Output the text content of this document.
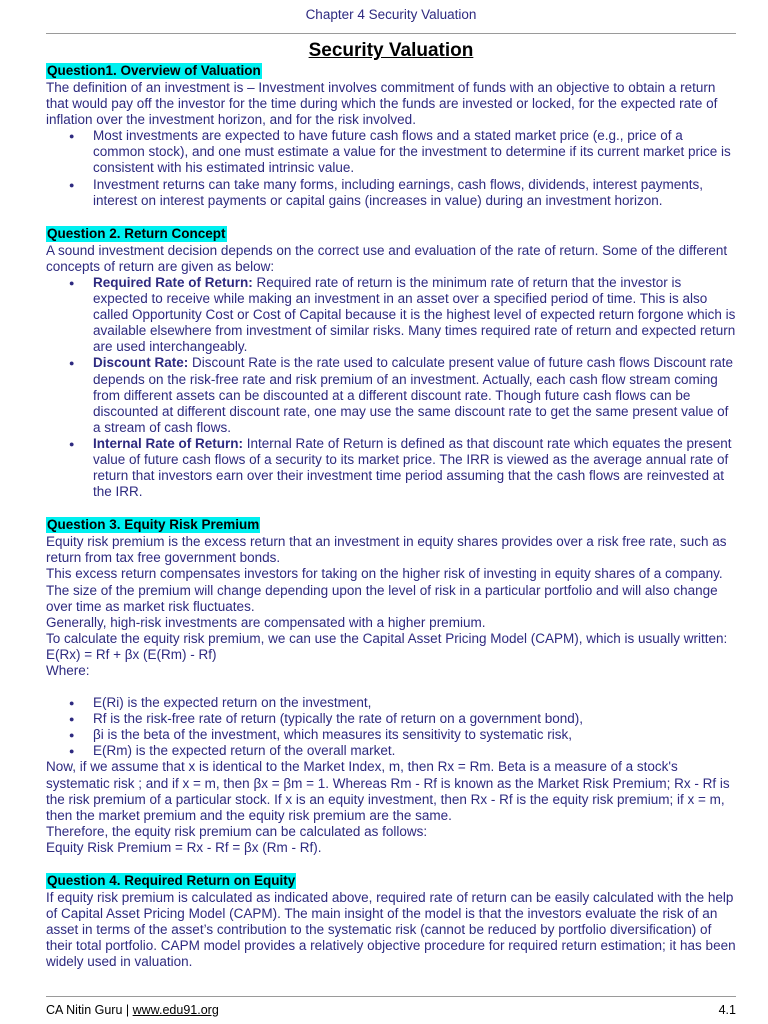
Chapter 4 Security Valuation
Security Valuation
Question1. Overview of Valuation

The definition of an investment is – Investment involves commitment of funds with an objective to obtain a return that would pay off the investor for the time during which the funds are invested or locked, for the expected rate of inflation over the investment horizon, and for the risk involved.

● Most investments are expected to have future cash flows and a stated market price (e.g., price of a common stock), and one must estimate a value for the investment to determine if its current market price is consistent with his estimated intrinsic value.
● Investment returns can take many forms, including earnings, cash flows, dividends, interest payments, interest on interest payments or capital gains (increases in value) during an investment horizon.
Question 2. Return Concept

A sound investment decision depends on the correct use and evaluation of the rate of return. Some of the different concepts of return are given as below:

● Required Rate of Return: Required rate of return is the minimum rate of return that the investor is expected to receive while making an investment in an asset over a specified period of time. This is also called Opportunity Cost or Cost of Capital because it is the highest level of expected return forgone which is available elsewhere from investment of similar risks. Many times required rate of return and expected return are used interchangeably.
● Discount Rate: Discount Rate is the rate used to calculate present value of future cash flows Discount rate depends on the risk-free rate and risk premium of an investment. Actually, each cash flow stream coming from different assets can be discounted at a different discount rate. Though future cash flows can be discounted at different discount rate, one may use the same discount rate to get the same present value of a stream of cash flows.
● Internal Rate of Return: Internal Rate of Return is defined as that discount rate which equates the present value of future cash flows of a security to its market price. The IRR is viewed as the average annual rate of return that investors earn over their investment time period assuming that the cash flows are reinvested at the IRR.
Question 3. Equity Risk Premium

Equity risk premium is the excess return that an investment in equity shares provides over a risk free rate, such as return from tax free government bonds.

This excess return compensates investors for taking on the higher risk of investing in equity shares of a company. The size of the premium will change depending upon the level of risk in a particular portfolio and will also change over time as market risk fluctuates.

Generally, high-risk investments are compensated with a higher premium.

To calculate the equity risk premium, we can use the Capital Asset Pricing Model (CAPM), which is usually written:

E(Rx) = Rf + βx (E(Rm) - Rf)

Where:

● E(Ri) is the expected return on the investment,
● Rf is the risk-free rate of return (typically the rate of return on a government bond),
● βi is the beta of the investment, which measures its sensitivity to systematic risk,
● E(Rm) is the expected return of the overall market.

Now, if we assume that x is identical to the Market Index, m, then Rx = Rm. Beta is a measure of a stock's systematic risk ; and if x = m, then βx = βm = 1. Whereas Rm - Rf is known as the Market Risk Premium; Rx - Rf is the risk premium of a particular stock. If x is an equity investment, then Rx - Rf is the equity risk premium; if x = m, then the market premium and the equity risk premium are the same.

Therefore, the equity risk premium can be calculated as follows:

Equity Risk Premium = Rx - Rf = βx (Rm - Rf).

Question 4. Required Return on Equity

If equity risk premium is calculated as indicated above, required rate of return can be easily calculated with the help of Capital Asset Pricing Model (CAPM). The main insight of the model is that the investors evaluate the risk of an asset in terms of the asset’s contribution to the systematic risk (cannot be reduced by portfolio diversification) of their total portfolio. CAPM model provides a relatively objective procedure for required return estimation; it has been widely used in valuation.

CA Nitin Guru | www.edu91.org	4.1
